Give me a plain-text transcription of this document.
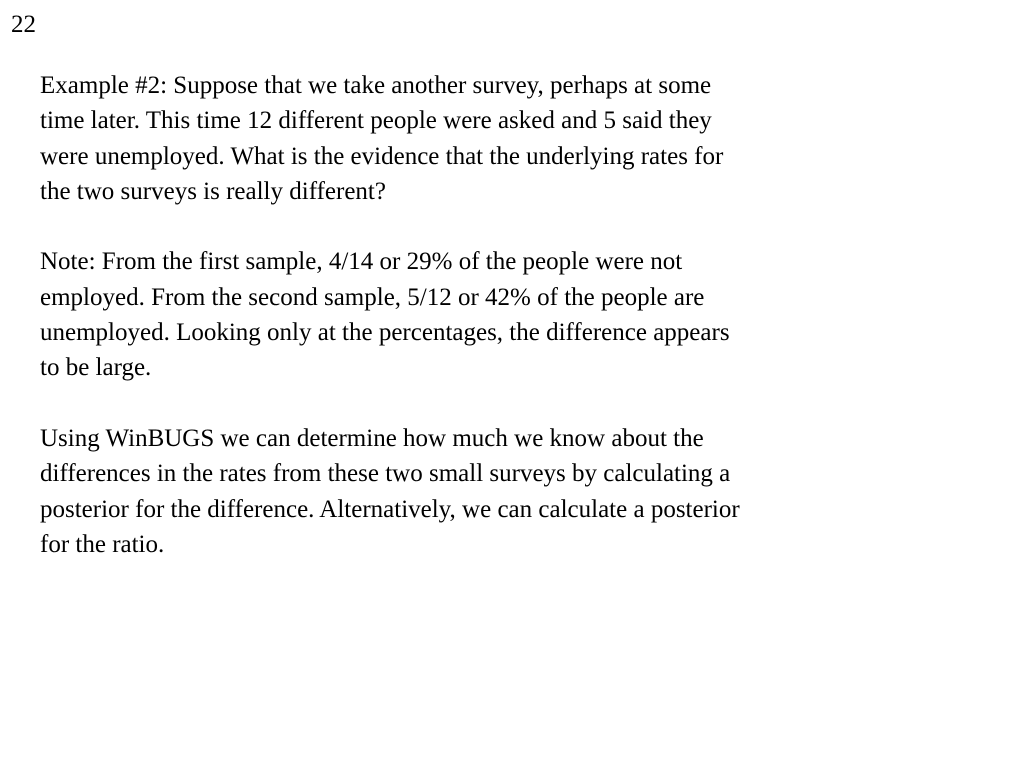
22

Example #2: Suppose that we take another survey, perhaps at some
time later. This time 12 different people were asked and 5 said they
were unemployed. What is the evidence that the underlying rates for
the two surveys is really different?

Note: From the first sample, 4/14 or 29% of the people were not
employed. From the second sample, 5/12 or 42% of the people are
unemployed. Looking only at the percentages, the difference appears
to be large.

Using WinBUGS we can determine how much we know about the
differences in the rates from these two small surveys by calculating a
posterior for the difference. Alternatively, we can calculate a posterior
for the ratio.
